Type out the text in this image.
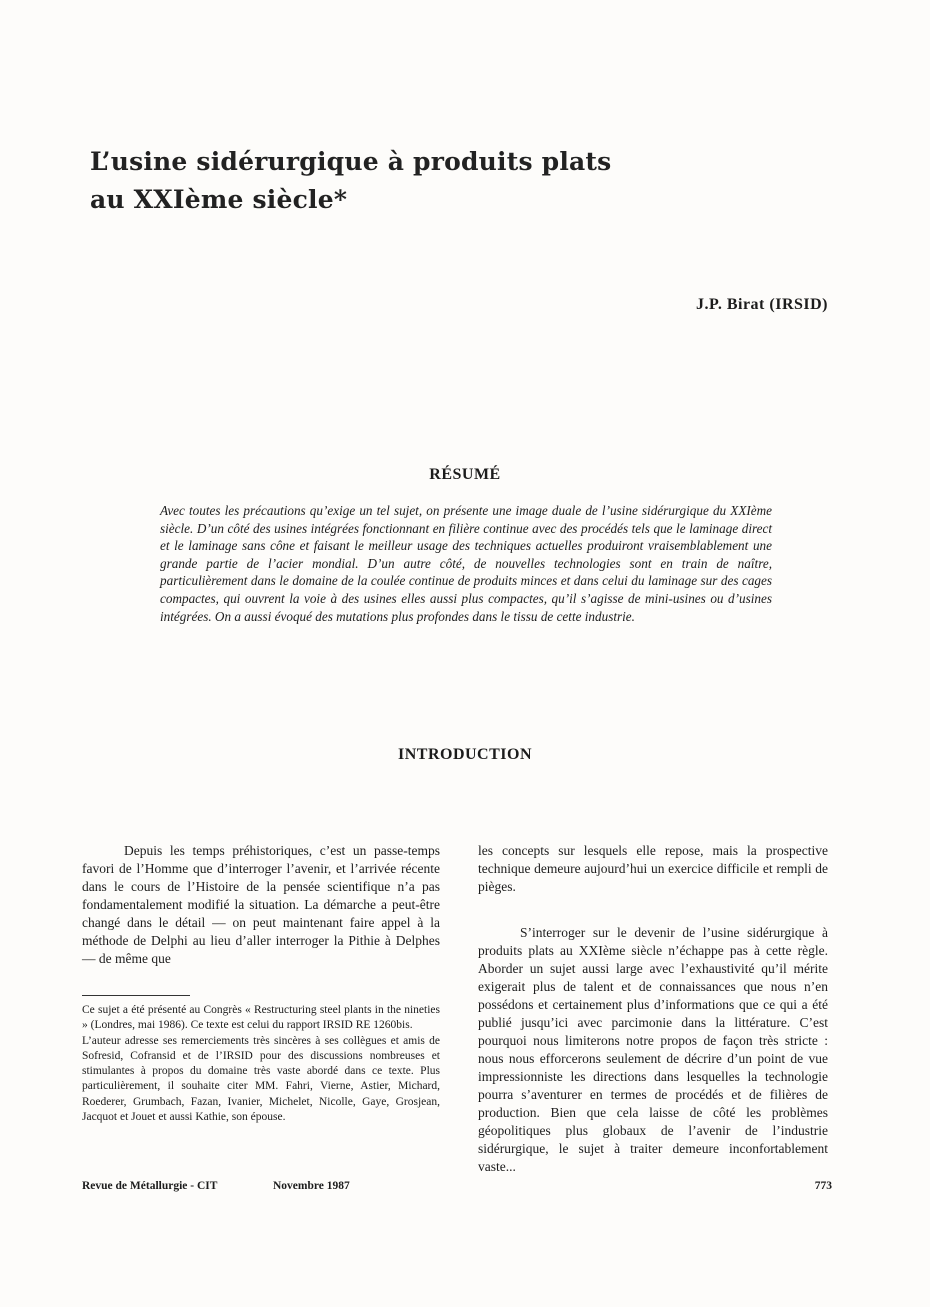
L’usine sidérurgique à produits plats
au XXIème siècle*
J.P. Birat (IRSID)
RÉSUMÉ
Avec toutes les précautions qu’exige un tel sujet, on présente une image duale de l’usine sidérurgique du XXIème siècle. D’un côté des usines intégrées fonctionnant en filière continue avec des procédés tels que le laminage direct et le laminage sans cône et faisant le meilleur usage des techniques actuelles produiront vraisemblablement une grande partie de l’acier mondial. D’un autre côté, de nouvelles technologies sont en train de naître, particulièrement dans le domaine de la coulée continue de produits minces et dans celui du laminage sur des cages compactes, qui ouvrent la voie à des usines elles aussi plus compactes, qu’il s’agisse de mini-usines ou d’usines intégrées. On a aussi évoqué des mutations plus profondes dans le tissu de cette industrie.
INTRODUCTION

Depuis les temps préhistoriques, c’est un passe-temps favori de l’Homme que d’interroger l’avenir, et l’arrivée récente dans le cours de l’Histoire de la pensée scientifique n’a pas fondamentalement modifié la situation. La démarche a peut-être changé dans le détail — on peut maintenant faire appel à la méthode de Delphi au lieu d’aller interroger la Pithie à Delphes — de même que

les concepts sur lesquels elle repose, mais la prospective technique demeure aujourd’hui un exercice difficile et rempli de pièges.

S’interroger sur le devenir de l’usine sidérurgique à produits plats au XXIème siècle n’échappe pas à cette règle. Aborder un sujet aussi large avec l’exhaustivité qu’il mérite exigerait plus de talent et de connaissances que nous n’en possédons et certainement plus d’informations que ce qui a été publié jusqu’ici avec parcimonie dans la littérature. C’est pourquoi nous limiterons notre propos de façon très stricte : nous nous efforcerons seulement de décrire d’un point de vue impressionniste les directions dans lesquelles la technologie pourra s’aventurer en termes de procédés et de filières de production. Bien que cela laisse de côté les problèmes géopolitiques plus globaux de l’avenir de l’industrie sidérurgique, le sujet à traiter demeure inconfortablement vaste...

Ce sujet a été présenté au Congrès « Restructuring steel plants in the nineties » (Londres, mai 1986). Ce texte est celui du rapport IRSID RE 1260bis.

L’auteur adresse ses remerciements très sincères à ses collègues et amis de Sofresid, Cofransid et de l’IRSID pour des discussions nombreuses et stimulantes à propos du domaine très vaste abordé dans ce texte. Plus particulièrement, il souhaite citer MM. Fahri, Vierne, Astier, Michard, Roederer, Grumbach, Fazan, Ivanier, Michelet, Nicolle, Gaye, Grosjean, Jacquot et Jouet et aussi Kathie, son épouse.

Revue de Métallurgie - CIT	Novembre 1987	773
